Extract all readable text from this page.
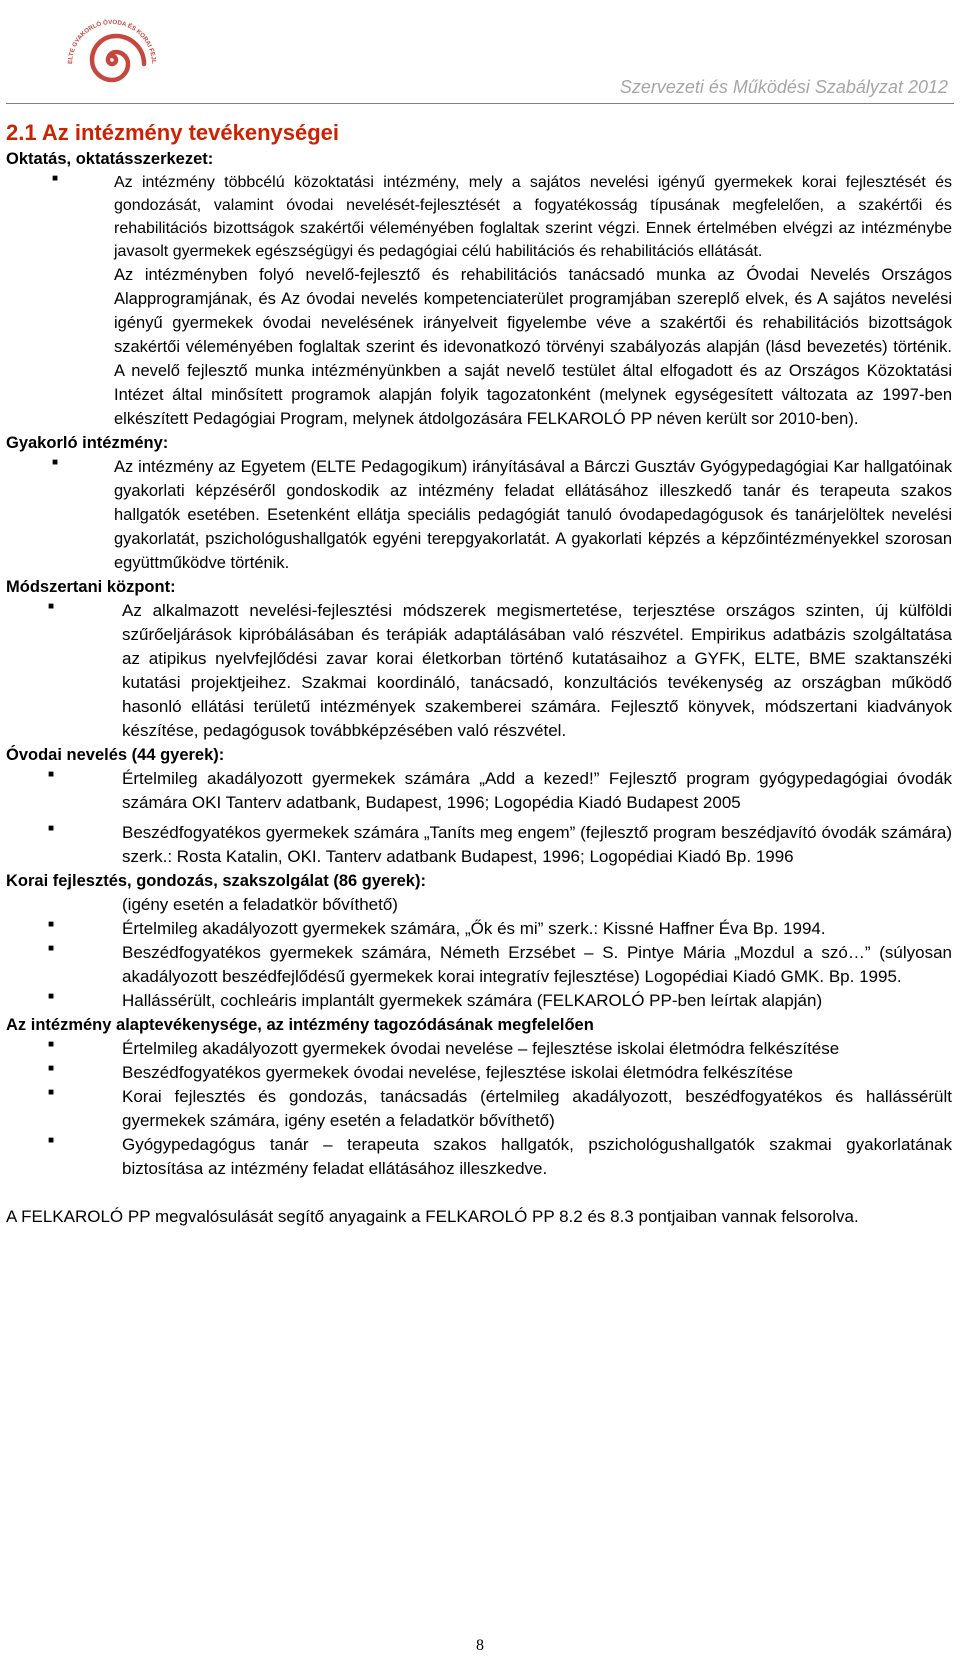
ELTE GYAKORLÓ ÓVODA ÉS KORAI FEJL
Szervezeti és Működési Szabályzat 2012
2.1 Az intézmény tevékenységei

Oktatás, oktatásszerkezet:

■	Az intézmény többcélú közoktatási intézmény, mely a sajátos nevelési igényű gyermekek korai fejlesztését és gondozását, valamint óvodai nevelését-fejlesztését a fogyatékosság típusának megfelelően, a szakértői és rehabilitációs bizottságok szakértői véleményében foglaltak szerint végzi. Ennek értelmében elvégzi az intézménybe javasolt gyermekek egészségügyi és pedagógiai célú habilitációs és rehabilitációs ellátását.

Az intézményben folyó nevelő-fejlesztő és rehabilitációs tanácsadó munka az Óvodai Nevelés Országos Alapprogramjának, és Az óvodai nevelés kompetenciaterület programjában szereplő elvek, és A sajátos nevelési igényű gyermekek óvodai nevelésének irányelveit figyelembe véve a szakértői és rehabilitációs bizottságok szakértői véleményében foglaltak szerint és idevonatkozó törvényi szabályozás alapján (lásd bevezetés) történik. A nevelő fejlesztő munka intézményünkben a saját nevelő testület által elfogadott és az Országos Közoktatási Intézet által minősített programok alapján folyik tagozatonként (melynek egységesített változata az 1997-ben elkészített Pedagógiai Program, melynek átdolgozására FELKAROLÓ PP néven került sor 2010-ben).

Gyakorló intézmény:

■	Az intézmény az Egyetem (ELTE Pedagogikum) irányításával a Bárczi Gusztáv Gyógypedagógiai Kar hallgatóinak gyakorlati képzéséről gondoskodik az intézmény feladat ellátásához illeszkedő tanár és terapeuta szakos hallgatók esetében. Esetenként ellátja speciális pedagógiát tanuló óvodapedagógusok és tanárjelöltek nevelési gyakorlatát, pszichológushallgatók egyéni terepgyakorlatát. A gyakorlati képzés a képzőintézményekkel szorosan együttműködve történik.

Módszertani központ:

■	Az alkalmazott nevelési-fejlesztési módszerek megismertetése, terjesztése országos szinten, új külföldi szűrőeljárások kipróbálásában és terápiák adaptálásában való részvétel. Empirikus adatbázis szolgáltatása az atipikus nyelvfejlődési zavar korai életkorban történő kutatásaihoz a GYFK, ELTE, BME szaktanszéki kutatási projektjeihez. Szakmai koordináló, tanácsadó, konzultációs tevékenység az országban működő hasonló ellátási területű intézmények szakemberei számára. Fejlesztő könyvek, módszertani kiadványok készítése, pedagógusok továbbképzésében való részvétel.

Óvodai nevelés (44 gyerek):

■	Értelmileg akadályozott gyermekek számára „Add a kezed!” Fejlesztő program gyógypedagógiai óvodák számára OKI Tanterv adatbank, Budapest, 1996; Logopédia Kiadó Budapest 2005
■	Beszédfogyatékos gyermekek számára „Taníts meg engem” (fejlesztő program beszédjavító óvodák számára) szerk.: Rosta Katalin, OKI. Tanterv adatbank Budapest, 1996; Logopédiai Kiadó Bp. 1996

Korai fejlesztés, gondozás, szakszolgálat (86 gyerek):

(igény esetén a feladatkör bővíthető)

■	Értelmileg akadályozott gyermekek számára, „Ők és mi” szerk.: Kissné Haffner Éva Bp. 1994.
■	Beszédfogyatékos gyermekek számára, Németh Erzsébet – S. Pintye Mária „Mozdul a szó…” (súlyosan akadályozott beszédfejlődésű gyermekek korai integratív fejlesztése) Logopédiai Kiadó GMK. Bp. 1995.
■	Hallássérült, cochleáris implantált gyermekek számára (FELKAROLÓ PP-ben leírtak alapján)

Az intézmény alaptevékenysége, az intézmény tagozódásának megfelelően

■	Értelmileg akadályozott gyermekek óvodai nevelése – fejlesztése iskolai életmódra felkészítése
■	Beszédfogyatékos gyermekek óvodai nevelése, fejlesztése iskolai életmódra felkészítése
■	Korai fejlesztés és gondozás, tanácsadás (értelmileg akadályozott, beszédfogyatékos és hallássérült gyermekek számára, igény esetén a feladatkör bővíthető)
■	Gyógypedagógus tanár – terapeuta szakos hallgatók, pszichológushallgatók szakmai gyakorlatának biztosítása az intézmény feladat ellátásához illeszkedve.

A FELKAROLÓ PP megvalósulását segítő anyagaink a FELKAROLÓ PP 8.2 és 8.3 pontjaiban vannak felsorolva.

8
